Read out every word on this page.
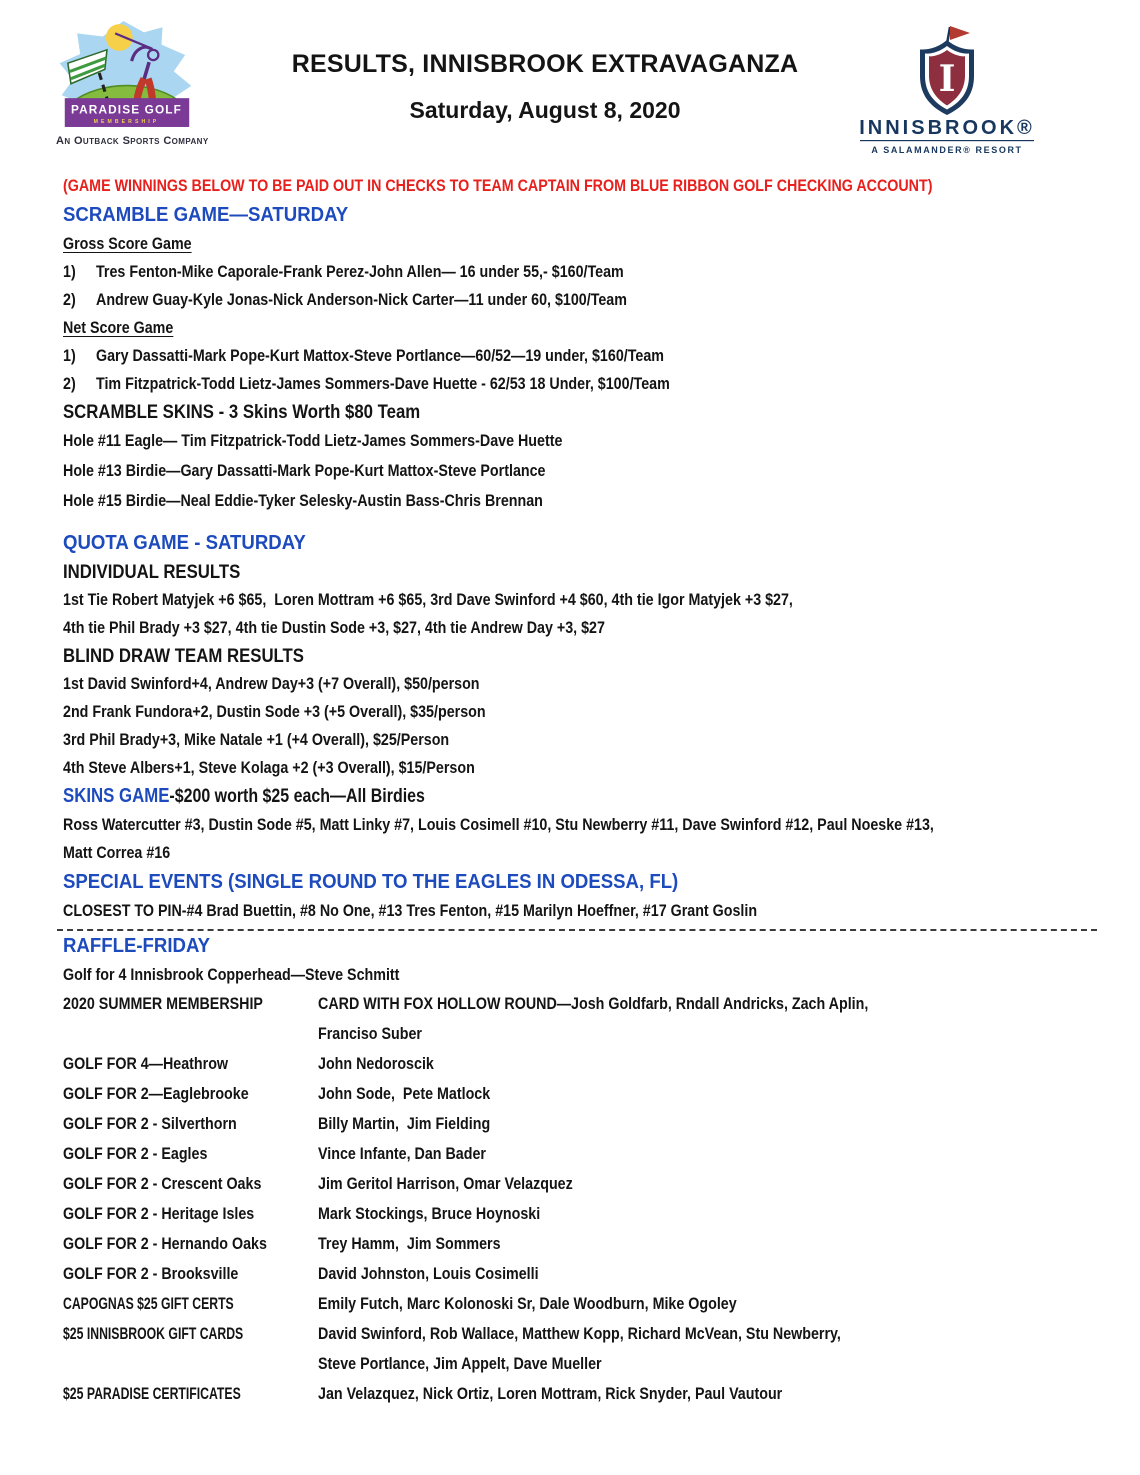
PARADISE GOLF
MEMBERSHIP
An Outback Sports Company
RESULTS, INNISBROOK EXTRAVAGANZA
Saturday, August 8, 2020
I
INNISBROOK®
A SALAMANDER® RESORT
(GAME WINNINGS BELOW TO BE PAID OUT IN CHECKS TO TEAM CAPTAIN FROM BLUE RIBBON GOLF CHECKING ACCOUNT)
SCRAMBLE GAME—SATURDAY
Gross Score Game
1) Tres Fenton-Mike Caporale-Frank Perez-John Allen— 16 under 55,- $160/Team
2) Andrew Guay-Kyle Jonas-Nick Anderson-Nick Carter—11 under 60, $100/Team
Net Score Game
1) Gary Dassatti-Mark Pope-Kurt Mattox-Steve Portlance—60/52—19 under, $160/Team
2) Tim Fitzpatrick-Todd Lietz-James Sommers-Dave Huette - 62/53 18 Under, $100/Team
SCRAMBLE SKINS - 3 Skins Worth $80 Team
Hole #11 Eagle— Tim Fitzpatrick-Todd Lietz-James Sommers-Dave Huette
Hole #13 Birdie—Gary Dassatti-Mark Pope-Kurt Mattox-Steve Portlance
Hole #15 Birdie—Neal Eddie-Tyker Selesky-Austin Bass-Chris Brennan
QUOTA GAME - SATURDAY
INDIVIDUAL RESULTS
1st Tie Robert Matyjek +6 $65,  Loren Mottram +6 $65, 3rd Dave Swinford +4 $60, 4th tie Igor Matyjek +3 $27,
4th tie Phil Brady +3 $27, 4th tie Dustin Sode +3, $27, 4th tie Andrew Day +3, $27
BLIND DRAW TEAM RESULTS
1st David Swinford+4, Andrew Day+3 (+7 Overall), $50/person
2nd Frank Fundora+2, Dustin Sode +3 (+5 Overall), $35/person
3rd Phil Brady+3, Mike Natale +1 (+4 Overall), $25/Person
4th Steve Albers+1, Steve Kolaga +2 (+3 Overall), $15/Person
SKINS GAME-$200 worth $25 each—All Birdies
Ross Watercutter #3, Dustin Sode #5, Matt Linky #7, Louis Cosimell #10, Stu Newberry #11, Dave Swinford #12, Paul Noeske #13,
Matt Correa #16
SPECIAL EVENTS (SINGLE ROUND TO THE EAGLES IN ODESSA, FL)
CLOSEST TO PIN-#4 Brad Buettin, #8 No One, #13 Tres Fenton, #15 Marilyn Hoeffner, #17 Grant Goslin
RAFFLE-FRIDAY
Golf for 4 Innisbrook Copperhead—Steve Schmitt
2020 SUMMER MEMBERSHIP	CARD WITH FOX HOLLOW ROUND—Josh Goldfarb, Rndall Andricks, Zach Aplin,
Franciso Suber
GOLF FOR 4—Heathrow	John Nedoroscik
GOLF FOR 2—Eaglebrooke	John Sode,  Pete Matlock
GOLF FOR 2 - Silverthorn	Billy Martin,  Jim Fielding
GOLF FOR 2 - Eagles	Vince Infante, Dan Bader
GOLF FOR 2 - Crescent Oaks	Jim Geritol Harrison, Omar Velazquez
GOLF FOR 2 - Heritage Isles	Mark Stockings, Bruce Hoynoski
GOLF FOR 2 - Hernando Oaks	Trey Hamm,  Jim Sommers
GOLF FOR 2 - Brooksville	David Johnston, Louis Cosimelli
CAPOGNAS $25 GIFT CERTS	Emily Futch, Marc Kolonoski Sr, Dale Woodburn, Mike Ogoley
$25 INNISBROOK GIFT CARDS	David Swinford, Rob Wallace, Matthew Kopp, Richard McVean, Stu Newberry,
Steve Portlance, Jim Appelt, Dave Mueller
$25 PARADISE CERTIFICATES	Jan Velazquez, Nick Ortiz, Loren Mottram, Rick Snyder, Paul Vautour
